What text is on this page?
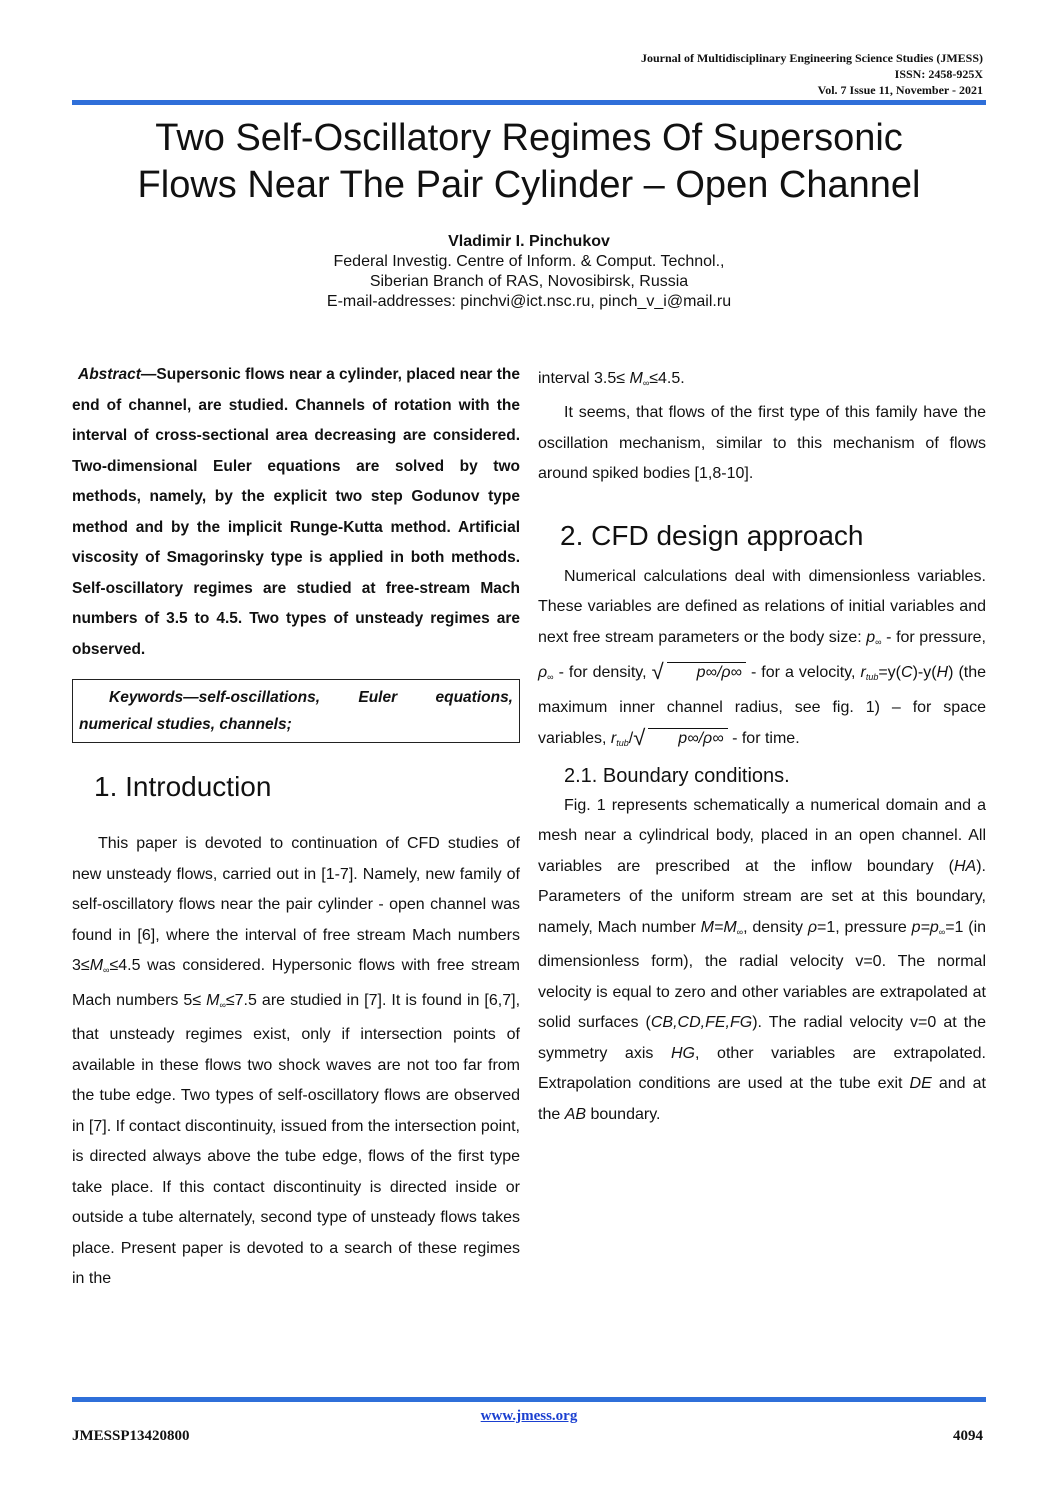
Journal of Multidisciplinary Engineering Science Studies (JMESS)
ISSN: 2458-925X
Vol. 7 Issue 11, November - 2021
Two Self-Oscillatory Regimes Of Supersonic
Flows Near The Pair Cylinder – Open Channel
Vladimir I. Pinchukov
Federal Investig. Centre of Inform. & Comput. Technol.,
Siberian Branch of RAS, Novosibirsk, Russia
E-mail-addresses: pinchvi@ict.nsc.ru, pinch_v_i@mail.ru

Abstract—Supersonic flows near a cylinder, placed near the end of channel, are studied. Channels of rotation with the interval of cross-sectional area decreasing are considered. Two-dimensional Euler equations are solved by two methods, namely, by the explicit two step Godunov type method and by the implicit Runge-Kutta method. Artificial viscosity of Smagorinsky type is applied in both methods. Self-oscillatory regimes are studied at free-stream Mach numbers of 3.5 to 4.5. Two types of unsteady regimes are observed.

Keywords—self-oscillations, Euler equations, numerical studies, channels;
1. Introduction

This paper is devoted to continuation of CFD studies of new unsteady flows, carried out in [1-7]. Namely, new family of self-oscillatory flows near the pair cylinder - open channel was found in [6], where the interval of free stream Mach numbers $3\le M_\infty\le 4.5$ was considered. Hypersonic flows with free stream Mach numbers $5\le M_\infty\le 7.5$ are studied in [7]. It is found in [6,7], that unsteady regimes exist, only if intersection points of available in these flows two shock waves are not too far from the tube edge. Two types of self-oscillatory flows are observed in [7]. If contact discontinuity, issued from the intersection point, is directed always above the tube edge, flows of the first type take place. If this contact discontinuity is directed inside or outside a tube alternately, second type of unsteady flows takes place. Present paper is devoted to a search of these regimes in the

interval $3.5\le M_\infty\le 4.5$.

It seems, that flows of the first type of this family have the oscillation mechanism, similar to this mechanism of flows around spiked bodies [1,8-10].

2. CFD design approach

Numerical calculations deal with dimensionless variables. These variables are defined as relations of initial variables and next free stream parameters or the body size: $p_\infty$ - for pressure, $\rho_\infty$ - for density, √ p∞/ρ∞ - for a velocity, $r_{tub}=y(C)-y(H)$ (the maximum inner channel radius, see fig. 1) – for space variables, $r_{tub}/√$ p∞/ρ∞ - for time.

2.1. Boundary conditions.

Fig. 1 represents schematically a numerical domain and a mesh near a cylindrical body, placed in an open channel. All variables are prescribed at the inflow boundary (HA). Parameters of the uniform stream are set at this boundary, namely, Mach number $M=M_\infty$, density ρ=1, pressure $p=p_\infty=1$ (in dimensionless form), the radial velocity v=0. The normal velocity is equal to zero and other variables are extrapolated at solid surfaces (CB,CD,FE,FG). The radial velocity v=0 at the symmetry axis HG, other variables are extrapolated. Extrapolation conditions are used at the tube exit DE and at the AB boundary.

www.jmess.org
JMESSP13420800	4094
